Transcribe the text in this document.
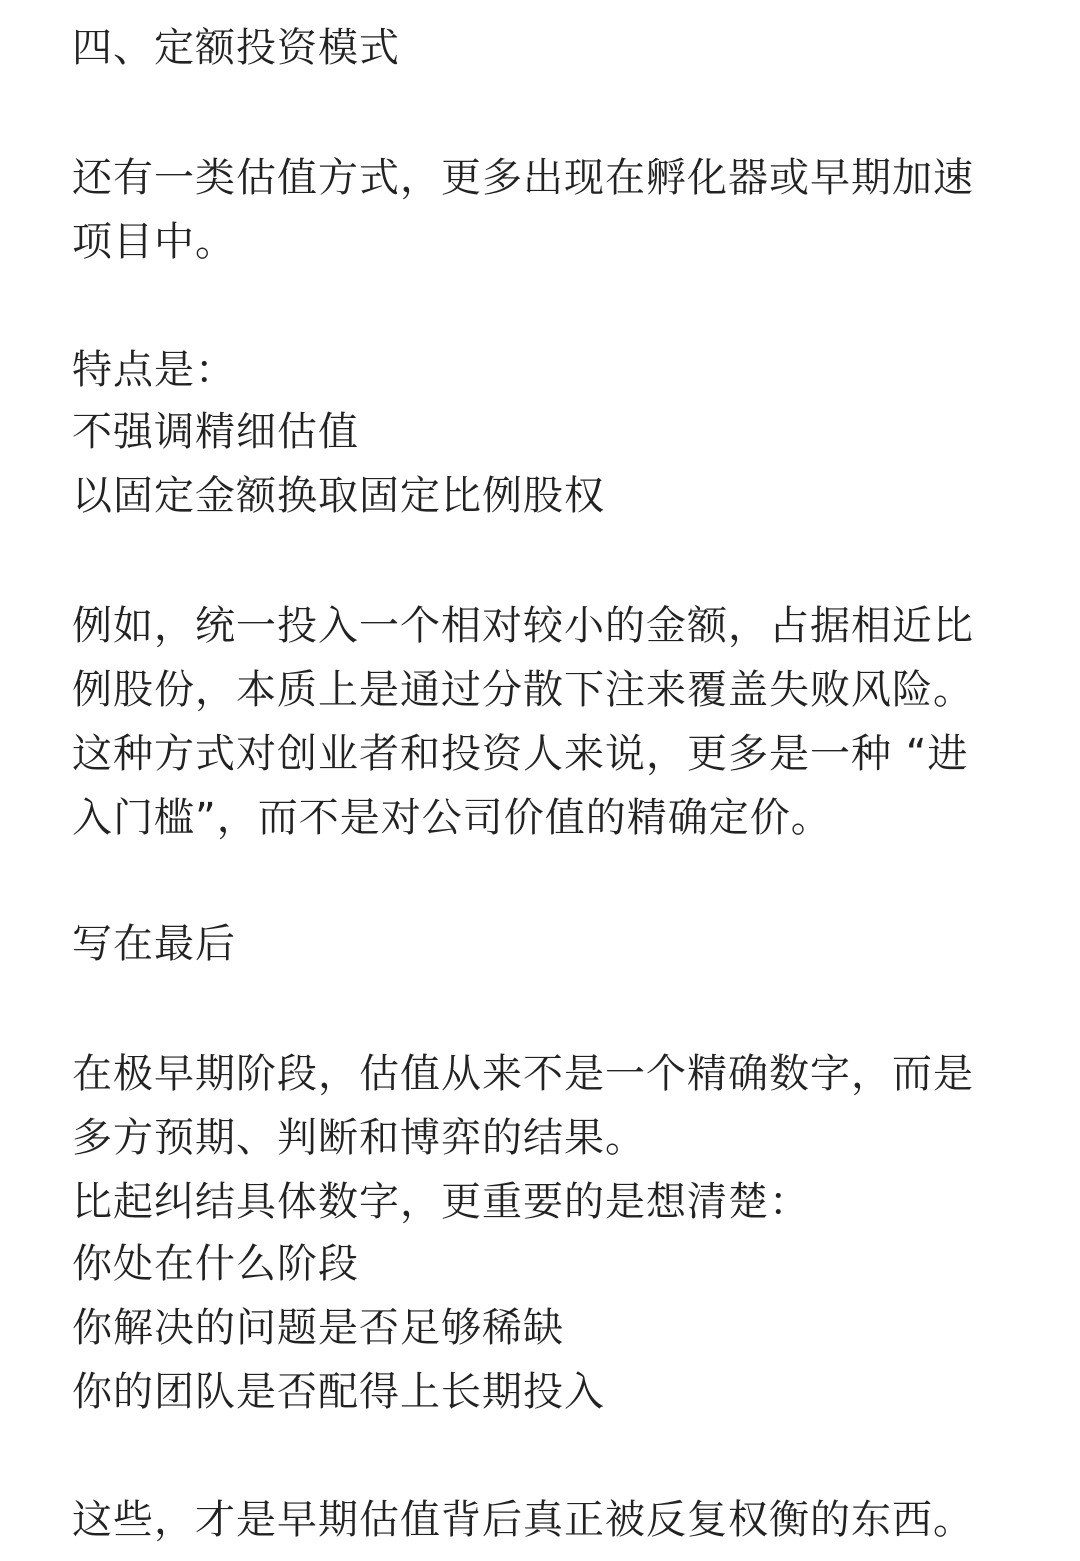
四、定额投资模式
还有一类估值方式，更多出现在孵化器或早期加速
项目中。
特点是：
不强调精细估值
以固定金额换取固定比例股权
例如，统一投入一个相对较小的金额，占据相近比
例股份，本质上是通过分散下注来覆盖失败风险。
这种方式对创业者和投资人来说，更多是一种 “进
入门槛”，而不是对公司价值的精确定价。
写在最后
在极早期阶段，估值从来不是一个精确数字，而是
多方预期、判断和博弈的结果。
比起纠结具体数字，更重要的是想清楚：
你处在什么阶段
你解决的问题是否足够稀缺
你的团队是否配得上长期投入
这些，才是早期估值背后真正被反复权衡的东西。
